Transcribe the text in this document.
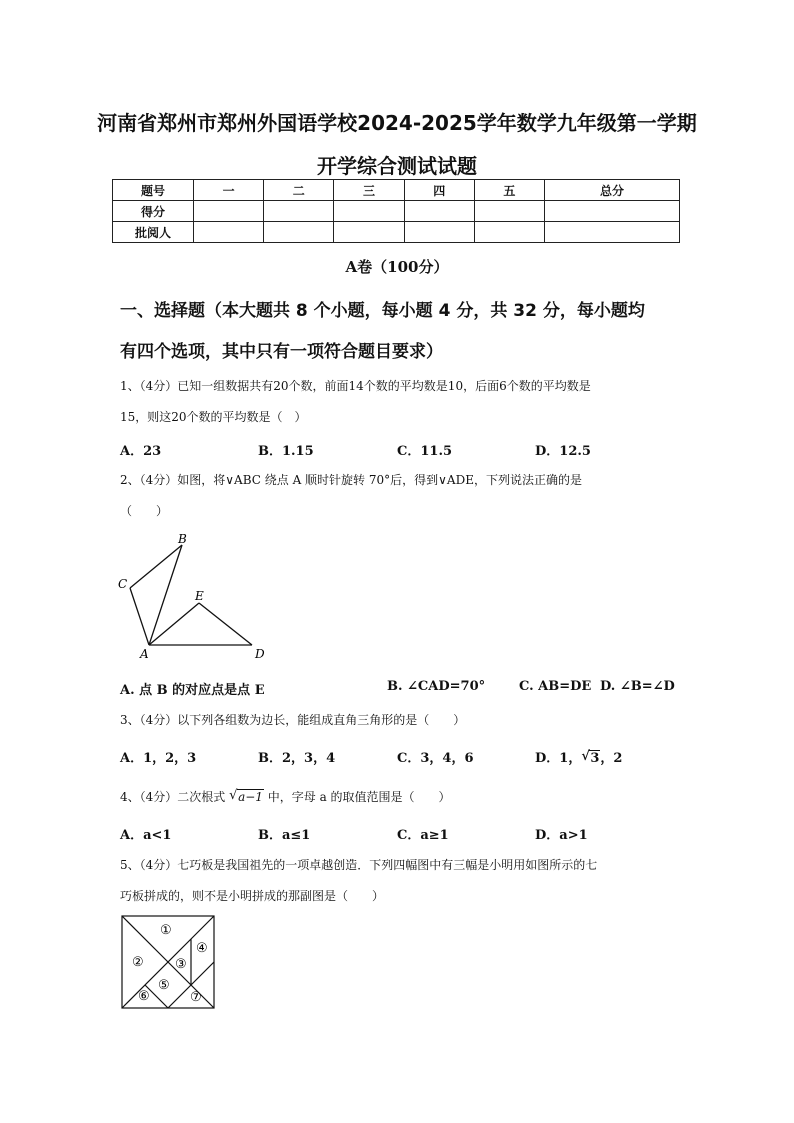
河南省郑州市郑州外国语学校2024-2025学年数学九年级第一学期
开学综合测试试题
题号	一	二	三	四	五	总分
得分						
批阅人						
A卷（100分）
一、选择题（本大题共 8 个小题，每小题 4 分，共 32 分，每小题均
有四个选项，其中只有一项符合题目要求）
1、（4分）已知一组数据共有20个数，前面14个数的平均数是10，后面6个数的平均数是
15，则这20个数的平均数是（　）
A．23	B．1.15	C．11.5	D．12.5
2、（4分）如图，将∨ABC 绕点 A 顺时针旋转 70°后，得到∨ADE，下列说法正确的是
（　　）
A
B
C
D
E
A. 点 B 的对应点是点 E	B. ∠CAD=70°	C. AB=DE D. ∠B=∠D
3、（4分）以下列各组数为边长，能组成直角三角形的是（　　）
A．1，2，3	B．2，3，4	C．3，4，6	D．1， √ 3，2
4、（4分）二次根式 √ a−1 中，字母 a 的取值范围是（　　）
A．a<1	B．a≤1	C．a≥1	D．a>1
5、（4分）七巧板是我国祖先的一项卓越创造．下列四幅图中有三幅是小明用如图所示的七
巧板拼成的，则不是小明拼成的那副图是（　　）
①
② ③
④
⑤
⑥	⑦
